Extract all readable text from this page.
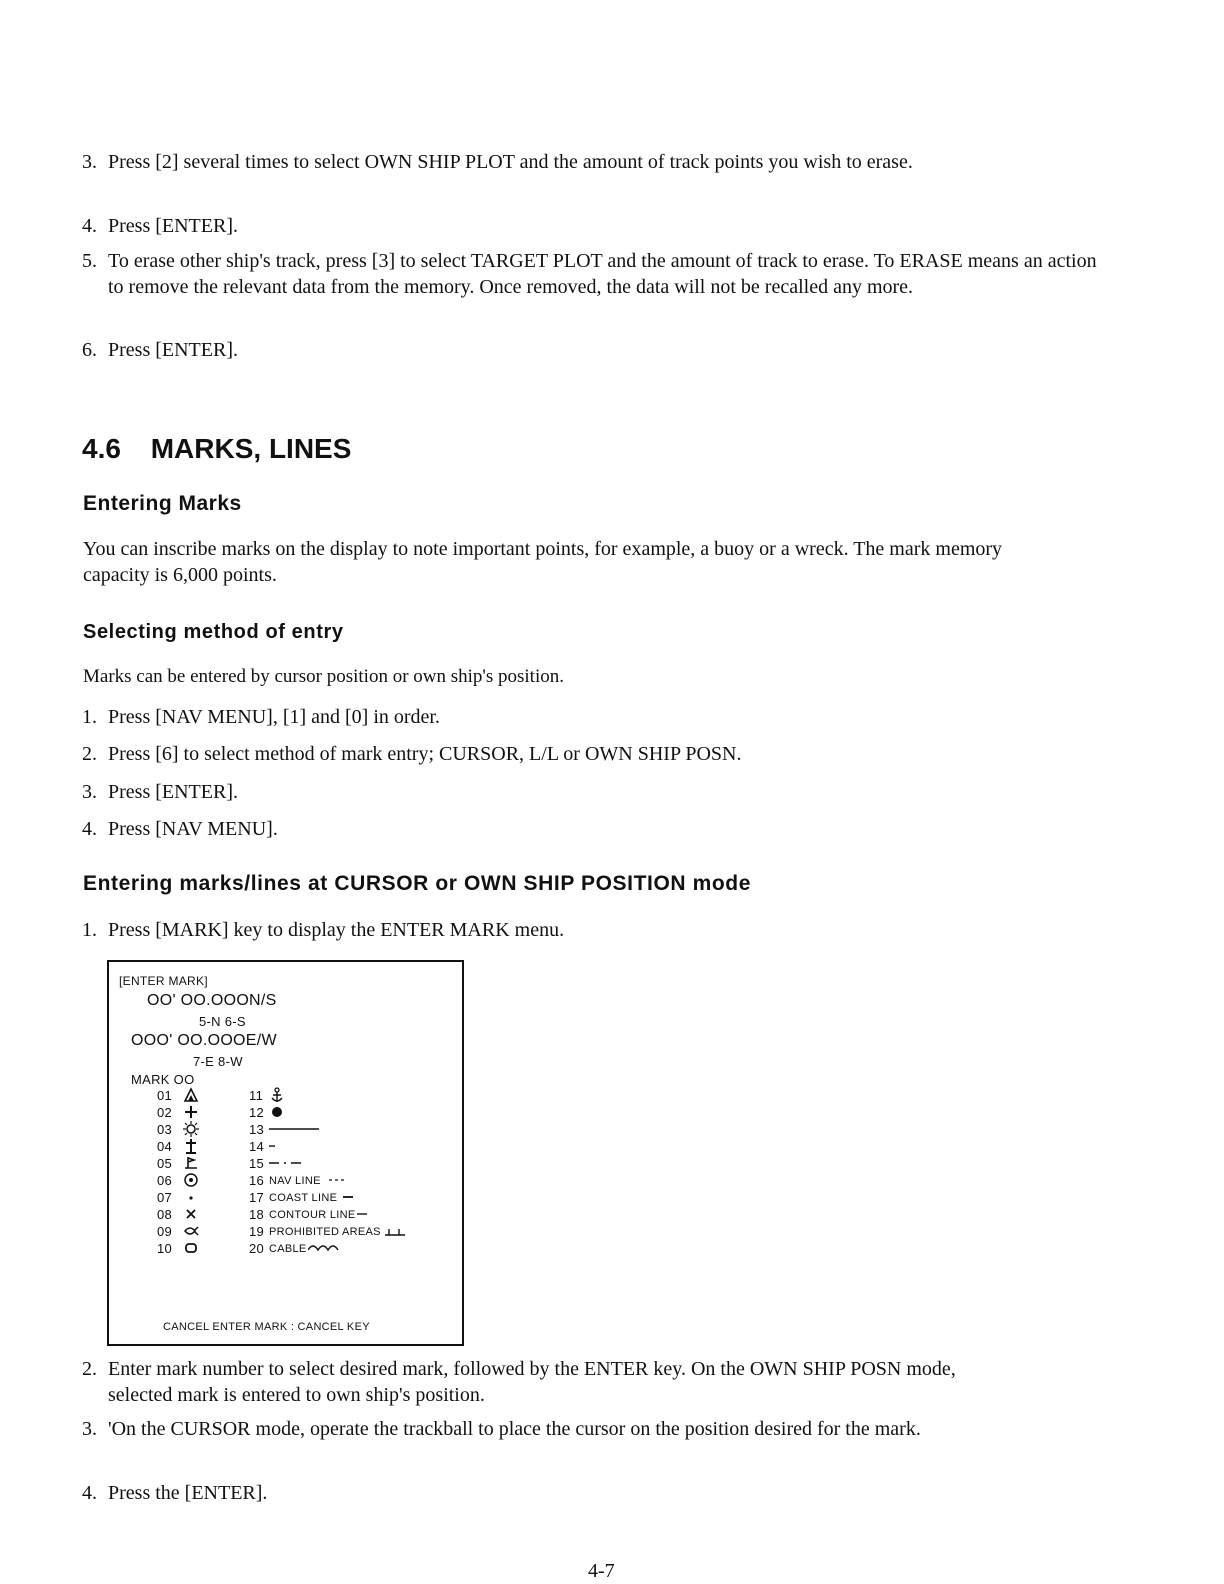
3. Press [2] several times to select OWN SHIP PLOT and the amount of track points you wish to erase.
4. Press [ENTER].
5. To erase other ship's track, press [3] to select TARGET PLOT and the amount of track to erase. To ERASE means an action to remove the relevant data from the memory. Once removed, the data will not be recalled any more.
6. Press [ENTER].
4.6 MARKS, LINES
Entering Marks
You can inscribe marks on the display to note important points, for example, a buoy or a wreck. The mark memory capacity is 6,000 points.
Selecting method of entry
Marks can be entered by cursor position or own ship's position.
1. Press [NAV MENU], [1] and [0] in order.
2. Press [6] to select method of mark entry; CURSOR, L/L or OWN SHIP POSN.
3. Press [ENTER].
4. Press [NAV MENU].
Entering marks/lines at CURSOR or OWN SHIP POSITION mode
1. Press [MARK] key to display the ENTER MARK menu.
[ENTER MARK]
OO' OO.OOON/S
5-N 6-S
OOO' OO.OOOE/W
7-E 8-W
MARK OO
01
02
03
04
05
06
07
08
09
10
11
12
13
14
15
16 NAV LINE
17 COAST LINE
18 CONTOUR LINE
19 PROHIBITED AREAS
20 CABLE
CANCEL ENTER MARK : CANCEL KEY
2. Enter mark number to select desired mark, followed by the ENTER key. On the OWN SHIP POSN mode, selected mark is entered to own ship's position.
3. 'On the CURSOR mode, operate the trackball to place the cursor on the position desired for the mark.
4. Press the [ENTER].
4-7
